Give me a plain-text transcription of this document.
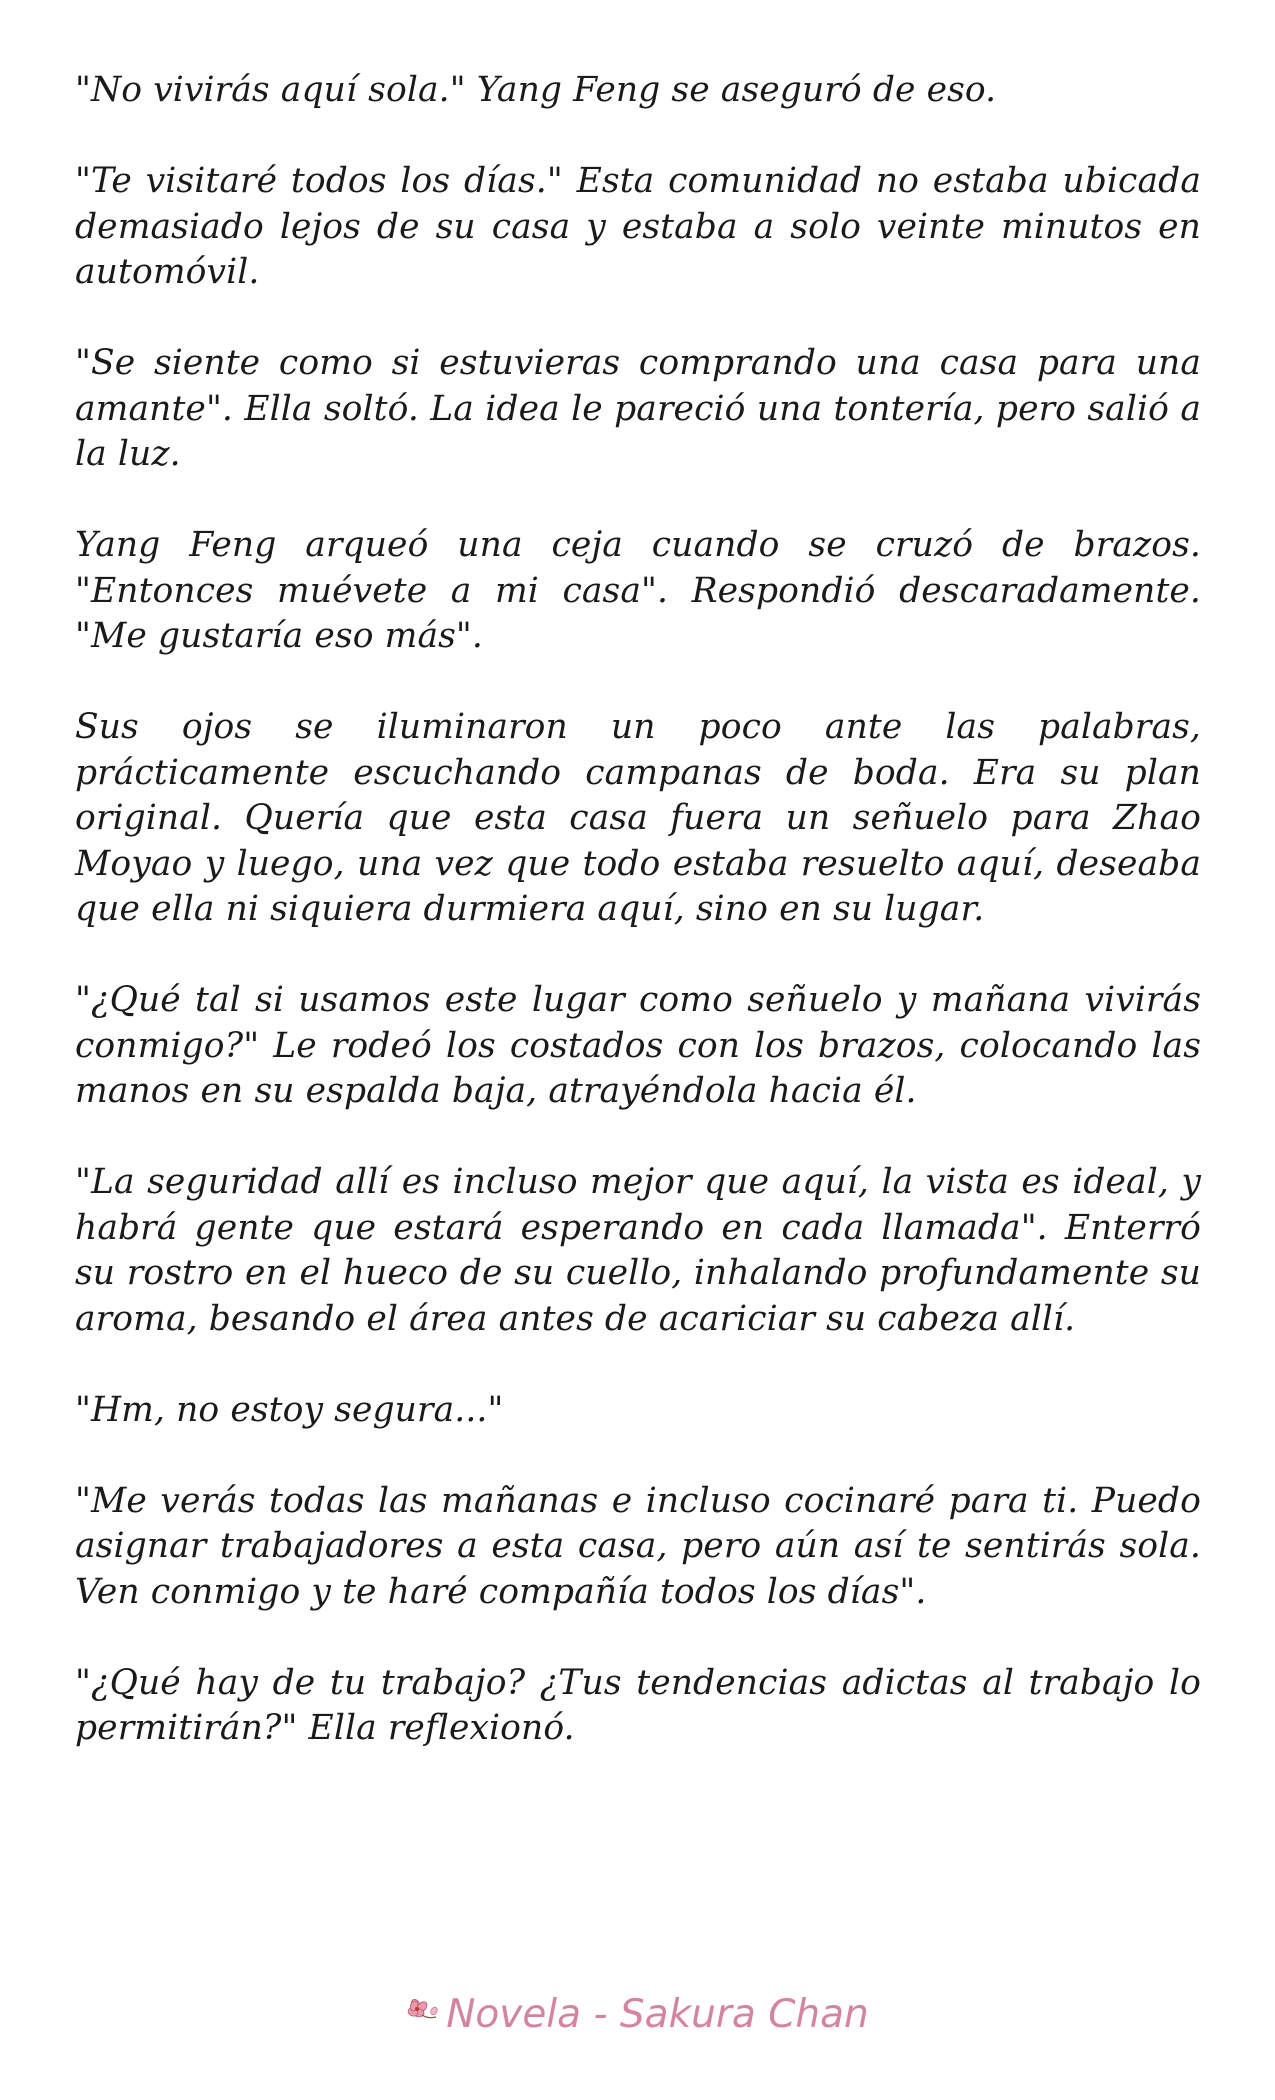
"No vivirás aquí sola." Yang Feng se aseguró de eso.

"Te visitaré todos los días." Esta comunidad no estaba ubicada demasiado lejos de su casa y estaba a solo veinte minutos en automóvil.

"Se siente como si estuvieras comprando una casa para una amante". Ella soltó. La idea le pareció una tontería, pero salió a la luz.

Yang Feng arqueó una ceja cuando se cruzó de brazos. "Entonces muévete a mi casa". Respondió descaradamente. "Me gustaría eso más".

Sus ojos se iluminaron un poco ante las palabras, prácticamente escuchando campanas de boda. Era su plan original. Quería que esta casa fuera un señuelo para Zhao Moyao y luego, una vez que todo estaba resuelto aquí, deseaba que ella ni siquiera durmiera aquí, sino en su lugar.

"¿Qué tal si usamos este lugar como señuelo y mañana vivirás conmigo?" Le rodeó los costados con los brazos, colocando las manos en su espalda baja, atrayéndola hacia él.

"La seguridad allí es incluso mejor que aquí, la vista es ideal, y habrá gente que estará esperando en cada llamada". Enterró su rostro en el hueco de su cuello, inhalando profundamente su aroma, besando el área antes de acariciar su cabeza allí.

"Hm, no estoy segura..."

"Me verás todas las mañanas e incluso cocinaré para ti. Puedo asignar trabajadores a esta casa, pero aún así te sentirás sola. Ven conmigo y te haré compañía todos los días".

"¿Qué hay de tu trabajo? ¿Tus tendencias adictas al trabajo lo permitirán?" Ella reflexionó.

Novela - Sakura Chan
